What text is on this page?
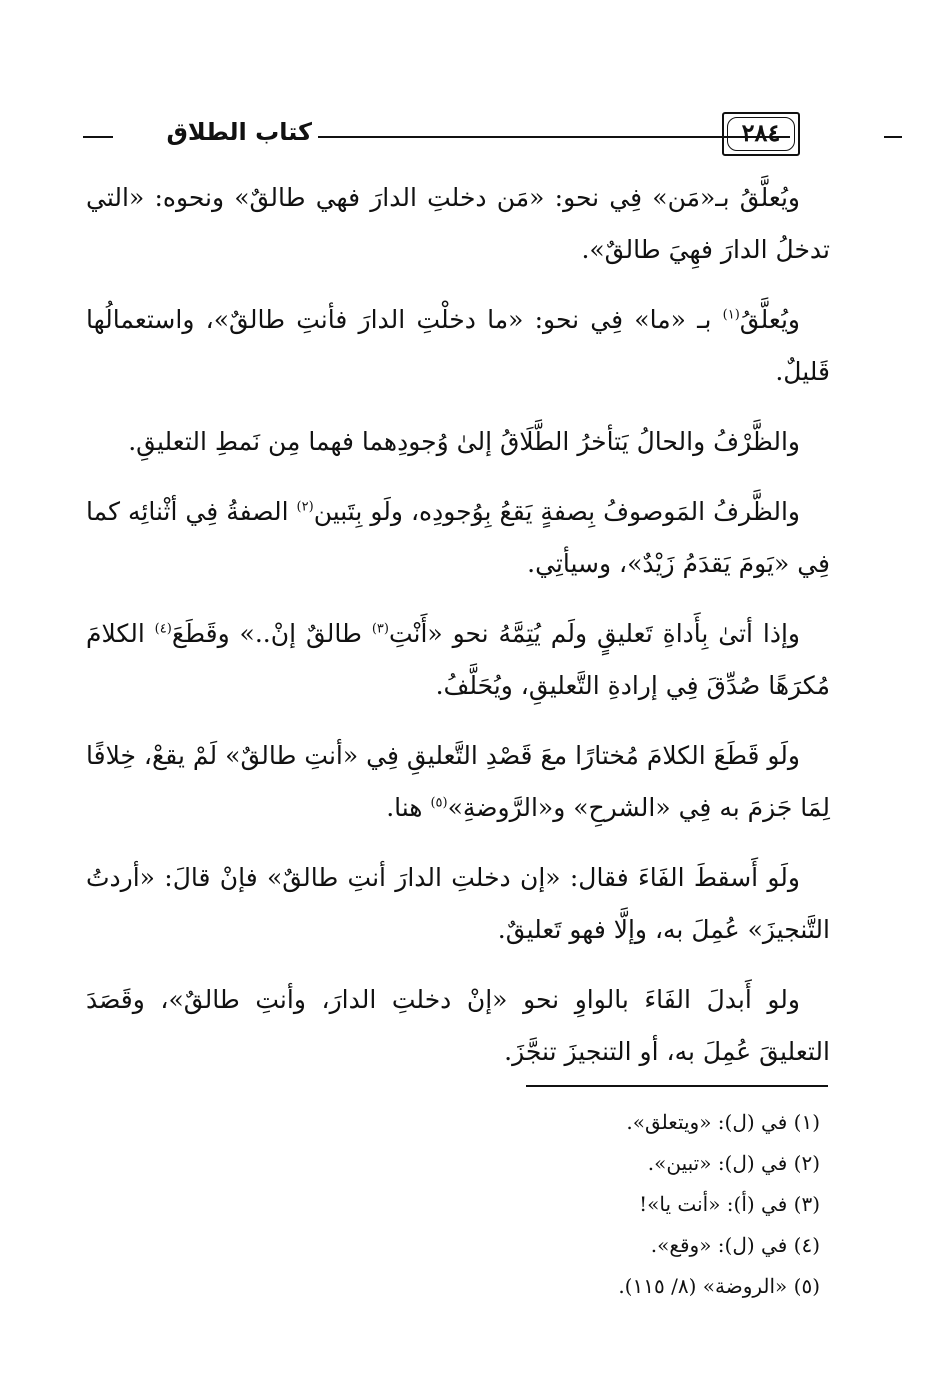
كتاب الطلاق	٢٨٤

ويُعلَّقُ بـ«مَن» فِي نحو: «مَن دخلتِ الدارَ فهي طالقٌ» ونحوه: «التي تدخلُ الدارَ فهِيَ طالقٌ».

ويُعلَّقُ$^{(١)}$ بـ «ما» فِي نحو: «ما دخلْتِ الدارَ فأنتِ طالقٌ»، واستعمالُها قَليلٌ.

والظَّرْفُ والحالُ يَتأخرُ الطَّلَاقُ إلىٰ وُجودِهما فهما مِن نَمطِ التعليقِ.

والظَّرفُ المَوصوفُ بِصفةٍ يَقعُ بِوُجودِه، ولَو بِتَبين$^{(٢)}$ الصفةُ فِي أثْنائِه كما فِي «يَومَ يَقدَمُ زَيْدٌ»، وسيأتِي.

وإذا أتىٰ بِأَداةِ تَعليقٍ ولَم يُتِمَّهُ نحو «أَنْتِ$^{(٣)}$ طالقٌ إنْ..» وقَطَعَ$^{(٤)}$ الكلامَ مُكرَهًا صُدِّقَ فِي إرادةِ التَّعليقِ، ويُحَلَّفُ.

ولَو قَطَعَ الكلامَ مُختارًا معَ قَصْدِ التَّعليقِ فِي «أنتِ طالقٌ» لَمْ يقعْ، خِلافًا لِمَا جَزمَ به فِي «الشرحِ» و«الرَّوضةِ»$^{(٥)}$ هنا.

ولَو أَسقطَ الفَاءَ فقال: «إن دخلتِ الدارَ أنتِ طالقٌ» فإنْ قالَ: «أردتُ التَّنجيزَ» عُمِلَ به، وإلَّا فهو تَعليقٌ.

ولو أَبدلَ الفَاءَ بالواوِ نحو «إنْ دخلتِ الدارَ، وأنتِ طالقٌ»، وقَصَدَ التعليقَ عُمِلَ به، أو التنجيزَ تنجَّزَ.

(١) في (ل): «ويتعلق».

(٢) في (ل): «تبين».

(٣) في (أ): «أنت يا»!

(٤) في (ل): «وقع».

(٥) «الروضة» (٨/ ١١٥).
